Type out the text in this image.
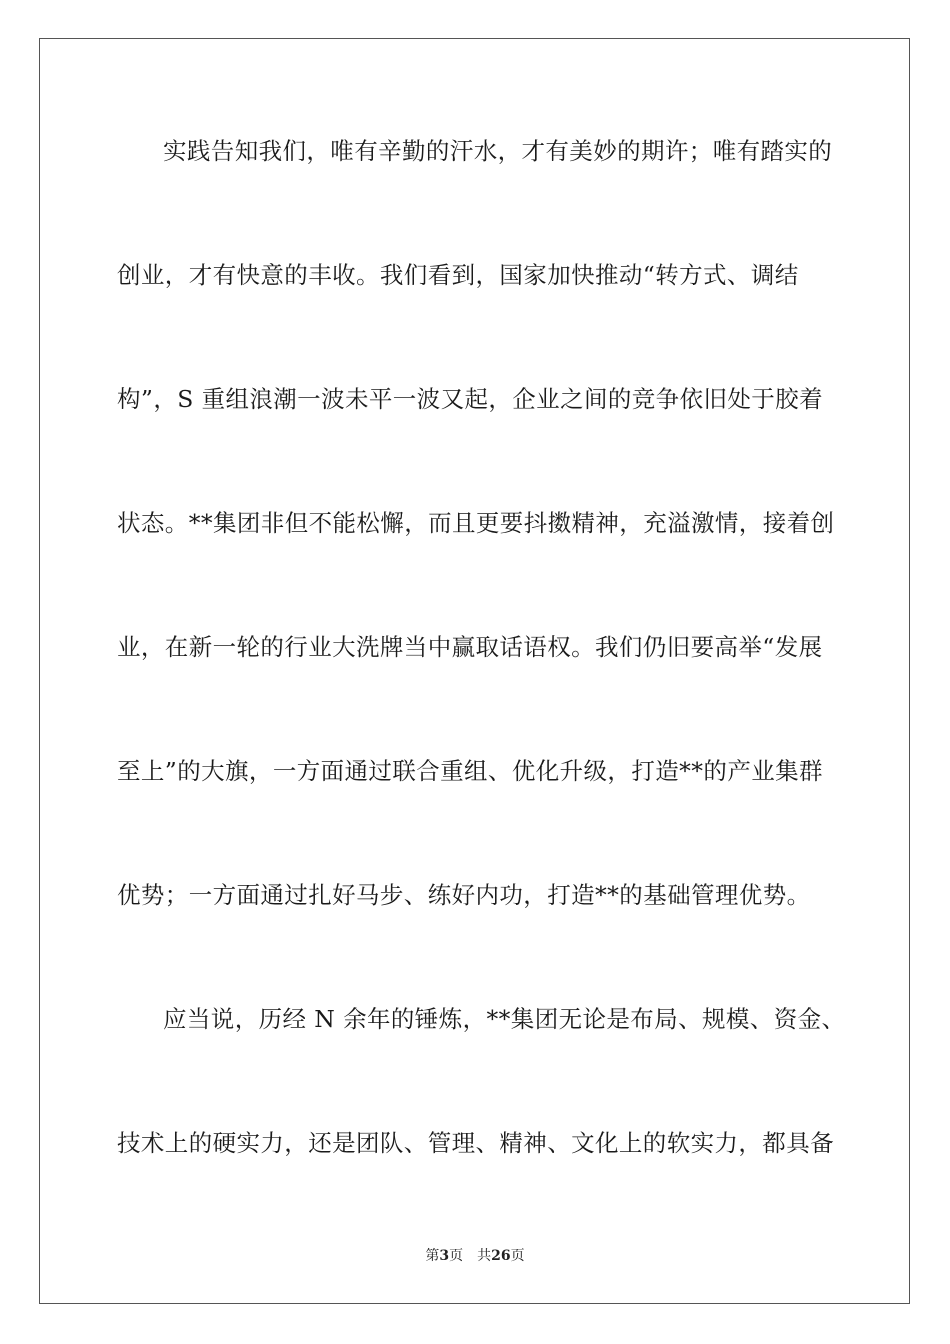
实践告知我们，唯有辛勤的汗水，才有美妙的期许；唯有踏实的

创业，才有快意的丰收。我们看到，国家加快推动“转方式、调结

构”，S 重组浪潮一波未平一波又起，企业之间的竞争依旧处于胶着

状态。**集团非但不能松懈，而且更要抖擞精神，充溢激情，接着创

业，在新一轮的行业大洗牌当中赢取话语权。我们仍旧要高举“发展

至上”的大旗，一方面通过联合重组、优化升级，打造**的产业集群

优势；一方面通过扎好马步、练好内功，打造**的基础管理优势。

应当说，历经 N 余年的锤炼，**集团无论是布局、规模、资金、

技术上的硬实力，还是团队、管理、精神、文化上的软实力，都具备

第3页 共26页
